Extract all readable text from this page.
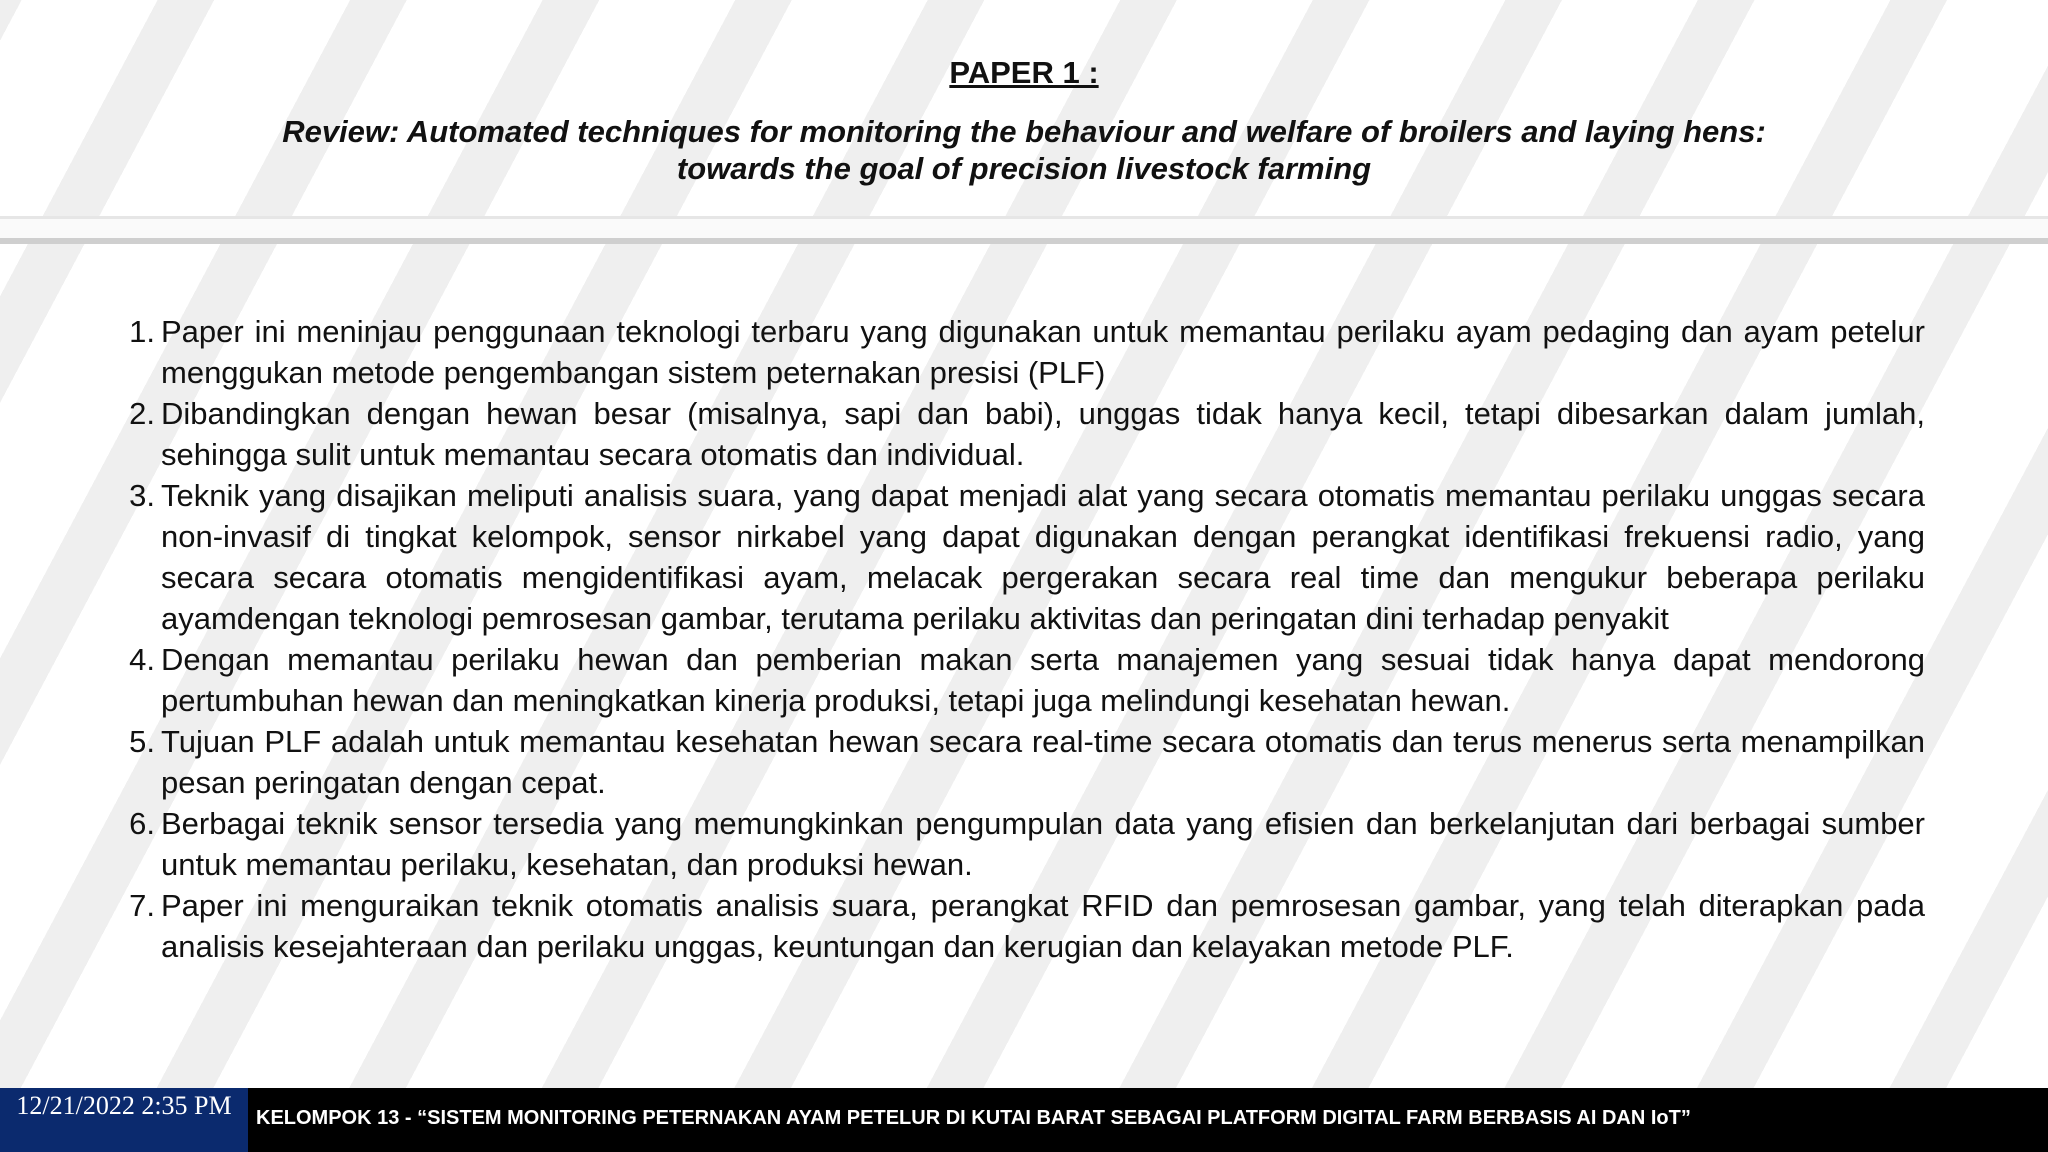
PAPER 1 :
Review: Automated techniques for monitoring the behaviour and welfare of broilers and laying hens:
towards the goal of precision livestock farming
1. Paper ini meninjau penggunaan teknologi terbaru yang digunakan untuk memantau perilaku ayam pedaging dan ayam petelur menggukan metode pengembangan sistem peternakan presisi (PLF)
2. Dibandingkan dengan hewan besar (misalnya, sapi dan babi), unggas tidak hanya kecil, tetapi dibesarkan dalam jumlah, sehingga sulit untuk memantau secara otomatis dan individual.
3. Teknik yang disajikan meliputi analisis suara, yang dapat menjadi alat yang secara otomatis memantau perilaku unggas secara non-invasif di tingkat kelompok, sensor nirkabel yang dapat digunakan dengan perangkat identifikasi frekuensi radio, yang secara secara otomatis mengidentifikasi ayam, melacak pergerakan secara real time dan mengukur beberapa perilaku ayamdengan teknologi pemrosesan gambar, terutama perilaku aktivitas dan peringatan dini terhadap penyakit
4. Dengan memantau perilaku hewan dan pemberian makan serta manajemen yang sesuai tidak hanya dapat mendorong pertumbuhan hewan dan meningkatkan kinerja produksi, tetapi juga melindungi kesehatan hewan.
5. Tujuan PLF adalah untuk memantau kesehatan hewan secara real-time secara otomatis dan terus menerus serta menampilkan pesan peringatan dengan cepat.
6. Berbagai teknik sensor tersedia yang memungkinkan pengumpulan data yang efisien dan berkelanjutan dari berbagai sumber untuk memantau perilaku, kesehatan, dan produksi hewan.
7. Paper ini menguraikan teknik otomatis analisis suara, perangkat RFID dan pemrosesan gambar, yang telah diterapkan pada analisis kesejahteraan dan perilaku unggas, keuntungan dan kerugian dan kelayakan metode PLF.
12/21/2022 2:35 PM	KELOMPOK 13 - “SISTEM MONITORING PETERNAKAN AYAM PETELUR DI KUTAI BARAT SEBAGAI PLATFORM DIGITAL FARM BERBASIS AI DAN IoT”
